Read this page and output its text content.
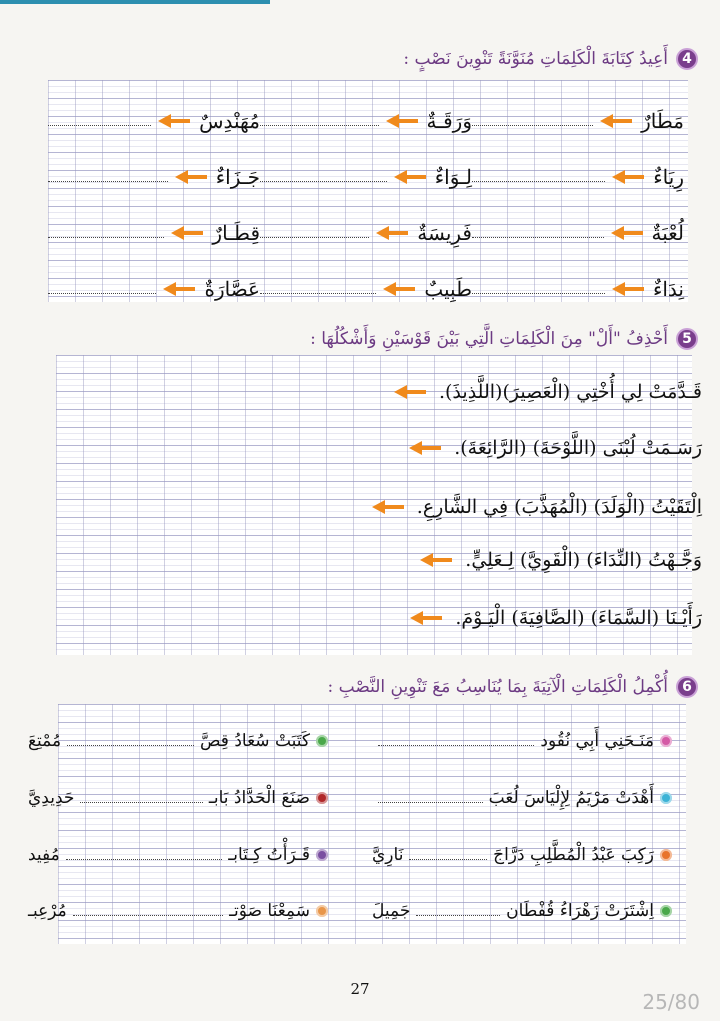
4
أَعِيدُ كِتَابَةَ الْكَلِمَاتِ مُنَوَّنَةً تَنْوِينَ نَصْبٍ :
مَطَارٌ
وَرَقَـةٌ
مُهَنْدِسٌ
رِيَاءٌ
لِـوَاءٌ
جَـزَاءٌ
لُعْبَةٌ
فَرِيسَةٌ
قِطَـارٌ
نِدَاءٌ
طَبِيبٌ
عَصَّارَةٌ
5
أَحْذِفُ "أَلْ" مِنَ الْكَلِمَاتِ الَّتِي بَيْنَ قَوْسَيْنِ وَأَشْكُلُهَا :
قَـدَّمَتْ لِي أُخْتِي (الْعَصِيرَ)(اللَّذِيذَ).
رَسَـمَتْ لُبْنَى (اللَّوْحَةَ) (الرَّائِعَةَ).
اِلْتَقَيْتُ (الْوَلَدَ) (الْمُهَذَّبَ) فِي الشَّارِعِ.
وَجَّـهْتُ (النِّدَاءَ) (الْقَوِيَّ) لِـعَلِيٍّ.
رَأَيْـنَا (السَّمَاءَ) (الصَّافِيَةَ) الْيَـوْمَ.
6
أُكْمِلُ الْكَلِمَاتِ الْآتِيَةَ بِمَا يُنَاسِبُ مَعَ تَنْوِينِ النَّصْبِ :
مَنَـحَنِي أَبِي نُقُود
أَهْدَتْ مَرْيَمُ لِإِلْيَاسَ لُعَبَ
رَكِبَ عَبْدُ الْمُطَّلِبِ دَرَّاجَ
نَارِيَّ
اِشْتَرَتْ زَهْرَاءُ قُفْطَان
جَمِيلَ
كَتَبَتْ سُعَادُ قِصَّ
مُمْتِعَ
صَنَعَ الْحَدَّادُ بَابـ
حَدِيدِيَّ
قَـرَأْتُ كِـتَابـ
مُفِيد
سَمِعْنَا صَوْتـ
مُرْعِبـ
27
25/80
